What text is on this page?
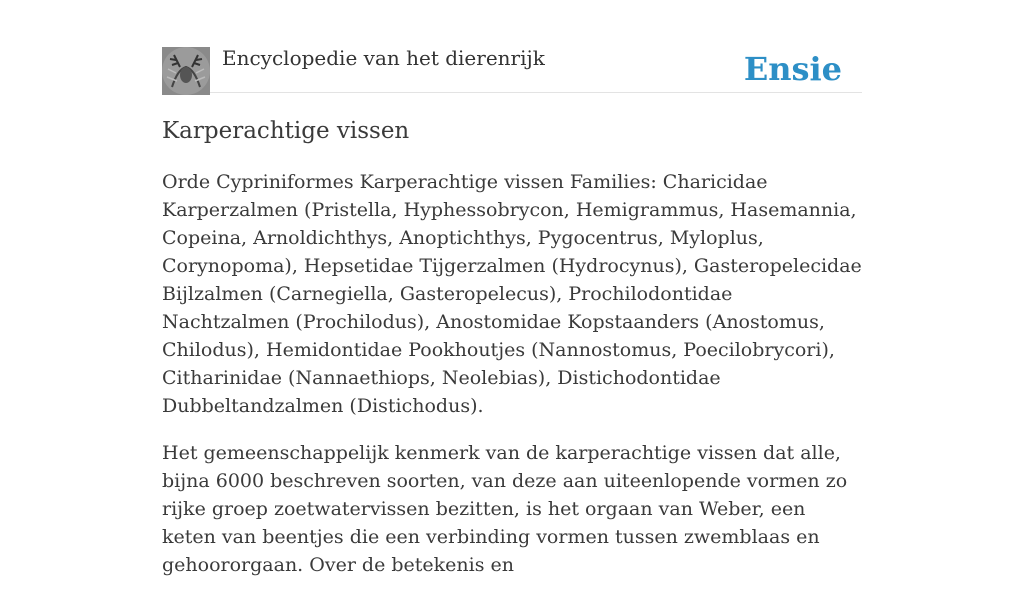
Encyclopedie van het dierenrijk	Ensie
Karperachtige vissen

Orde Cypriniformes Karperachtige vissen Families: Charicidae Karperzalmen (Pristella, Hyphessobrycon, Hemigrammus, Hasemannia, Copeina, Arnoldichthys, Anoptichthys, Pygocentrus, Myloplus, Corynopoma), Hepsetidae Tijgerzalmen (Hydrocynus), Gasteropelecidae Bijlzalmen (Carnegiella, Gasteropelecus), Prochilodontidae Nachtzalmen (Prochilodus), Anostomidae Kopstaanders (Anostomus, Chilodus), Hemidontidae Pookhoutjes (Nannostomus, Poecilobrycori), Citharinidae (Nannaethiops, Neolebias), Distichodontidae Dubbeltandzalmen (Distichodus).

Het gemeenschappelijk kenmerk van de karperachtige vissen dat alle, bijna 6000 beschreven soorten, van deze aan uiteenlopende vormen zo rijke groep zoetwatervissen bezitten, is het orgaan van Weber, een keten van beentjes die een verbinding vormen tussen zwemblaas en gehoororgaan. Over de betekenis en
